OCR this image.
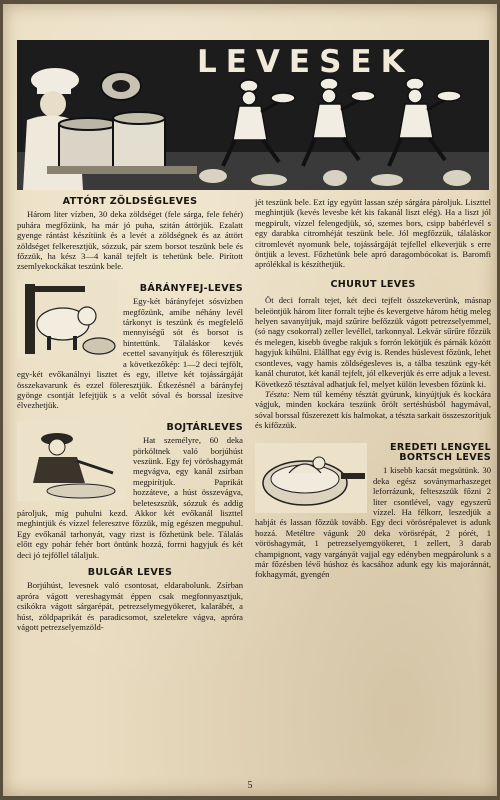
LEVESEK
ATTÓRT ZÖLDSÉGLEVES

Három liter vízben, 30 deka zöldséget (fele sárga, fele fehér) puhára megfőzünk, ha már jó puha, szitán áttörjük. Ezalatt gyenge rántást készítünk és a levét a zöldségnek és az áttört zöldséget felkeresztjük, sózzuk, pár szem borsot teszünk bele és főzzük, ha kész 3—4 kanál tejfelt is tehetünk bele. Pirított zsemlyekockákat teszünk bele.

BÁRÁNYFEJ-LEVES

Egy-két bárányfejet sósvízben megfőzünk, amibe néhány levél tárkonyt is teszünk és megfelelő mennyiségű sót és borsot is hintettünk. Tálaláskor kevés ecettel savanyítjuk és főleresztjük a következőkép: 1—2 deci tejfölt, egy-két evőkanálnyi lisztet és egy, illetve két tojássárgáját összekavarunk és ezzel föleresztjük. Étkezésnél a bárányfej gyönge csontját lefejtjük s a velőt sóval és borssal ízesítve élvezhetjük.

BOJTÁRLEVES

Hat személyre, 60 deka pörköltnek való borjúhúst veszünk. Egy fej vöröshagymát megvágva, egy kanál zsírban megpirítjuk. Paprikát hozzáteve, a húst összevágva, beleteszszük, sózzuk és addig pároljuk, míg puhulni kezd. Akkor két evőkanál liszttel meghintjük és vízzel feleresztve főzzük, míg egészen megpuhul. Egy evőkanál tarhonyát, vagy rizst is főzhetünk bele. Tálalás előtt egy pohár fehér bort öntünk hozzá, forrni hagyjuk és két deci jó tejföllel tálaljuk.

BULGÁR LEVES

Borjúhúst, levesnek való csontosat, eldarabolunk. Zsírban apróra vágott vereshagymát éppen csak megfonnyasztjuk, csikókra vágott sárgarépát, petrezselymegyökeret, kalarábét, a húst, zöldpaprikát és paradicsomot, szeletekre vágva, apróra vágott petrezselyemzöld-

jét teszünk bele. Ezt így együtt lassan szép sárgára pároljuk. Liszttel meghintjük (kevés levesbe két kis fakanál liszt elég). Ha a liszt jól megpirult, vízzel felengedjük, só, szemes bors, csipp babérlevél s egy darabka citromhéját teszünk bele. Jól megfőzzük, tálaláskor citromlevét nyomunk bele, tojássárgáját tejfellel elkeverjük s erre öntjük a levest. Főzhetünk bele apró daragombócokat is. Baromfi aprólékkal is készíthetjük.

CHURUT LEVES

Öt deci forralt tejet, két deci tejfelt összekeverünk, másnap beleöntjük három liter forralt tejbe és kevergetve három hétig meleg helyen savanyítjuk, majd szűrire befőzzük vágott petrezselyemmel, (só nagy csokorral) zeller levéllel, tarkonnyal. Lekvár sűrűre főzzük és melegen, kisebb üvegbe rakjuk s forrón lekötjük és párnák között hagyjuk kihűlni. Elállhat egy évig is. Rendes húslevest főzünk, lehet csontleves, vagy hamis zöldségesleves is, a tálba teszünk egy-két kanál churutot, két kanál tejfelt, jól elkeverjük és erre adjuk a levest. Következő tésztával adhatjuk fel, melyet külön levesben főzünk ki.

Tészta: Nem túl kemény tésztát gyúrunk, kinyújtjuk és kockára vágjuk, minden kockára teszünk őrölt sertéshúsból hagymával, sóval borssal fűszerezett kis halmokat, a tészta sarkait összeszorítjuk és kifőzzük.

EREDETI LENGYEL BORTSCH LEVES

1 kisebb kacsát megsütünk. 30 deka egész soványmarhaszeget leforrázunk, felteszszük főzni 2 liter csontlével, vagy egyszerű vízzel. Ha félkorr, leszedjük a habját és lassan főzzük tovább. Egy deci vörösrépalevet is adunk hozzá. Metéltre vágunk 20 deka vörösrépát, 2 pórét, 1 vöröshagymát, 1 petrezselyemgyökeret, 1 zellert, 3 darab champignont, vagy vargányát vajjal egy edényben megpárolunk s a már főzésben lévő húshoz és kacsához adunk egy kis majoránnát, fokhagymát, gyengén

5
